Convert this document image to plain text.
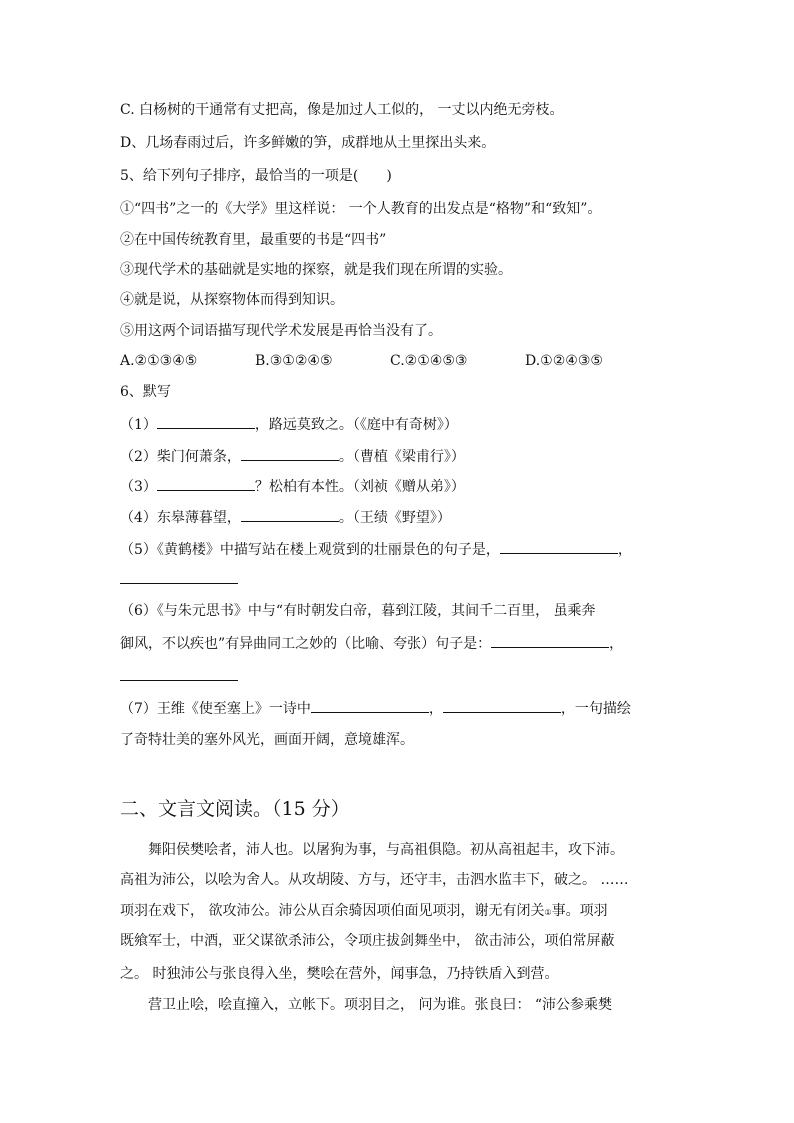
C. 白杨树的干通常有丈把高，像是加过人工似的， 一丈以内绝无旁枝。
D、几场春雨过后，许多鲜嫩的笋，成群地从土里探出头来。
5、给下列句子排序，最恰当的一项是(　　)
①“四书”之一的《大学》里这样说： 一个人教育的出发点是“格物”和“致知”。
②在中国传统教育里，最重要的书是“四书”
③现代学术的基础就是实地的探察，就是我们现在所谓的实验。
④就是说，从探察物体而得到知识。
⑤用这两个词语描写现代学术发展是再恰当没有了。
A.②①③④⑤	B.③①②④⑤	C.②①④⑤③	D.①②④③⑤
6、默写
（1）	，路远莫致之。（《庭中有奇树》）
（2）柴门何萧条，	。（曹植《梁甫行》）
（3）	？松柏有本性。（刘祯《赠从弟》）
（4）东皋薄暮望，	。（王绩《野望》）
（5）《黄鹤楼》中描写站在楼上观赏到的壮丽景色的句子是，	，
（6）《与朱元思书》中与“有时朝发白帝，暮到江陵，其间千二百里， 虽乘奔
御风，不以疾也”有异曲同工之妙的（比喻、夸张）句子是：	，
（7）王维《使至塞上》一诗中	，	，一句描绘
了奇特壮美的塞外风光，画面开阔，意境雄浑。
二、文言文阅读。（15 分）
　　舞阳侯樊哙者，沛人也。以屠狗为事，与高祖俱隐。初从高祖起丰，攻下沛。
高祖为沛公，以哙为舍人。从攻胡陵、方与，还守丰，击泗水监丰下，破之。 ……
项羽在戏下， 欲攻沛公。沛公从百余骑因项伯面见项羽，谢无有闭关①事。项羽
既飨军士，中酒，亚父谋欲杀沛公，令项庄拔剑舞坐中， 欲击沛公，项伯常屏蔽
之。 时独沛公与张良得入坐，樊哙在营外，闻事急，乃持铁盾入到营。
　　营卫止哙，哙直撞入，立帐下。项羽目之， 问为谁。张良曰： “沛公参乘樊
